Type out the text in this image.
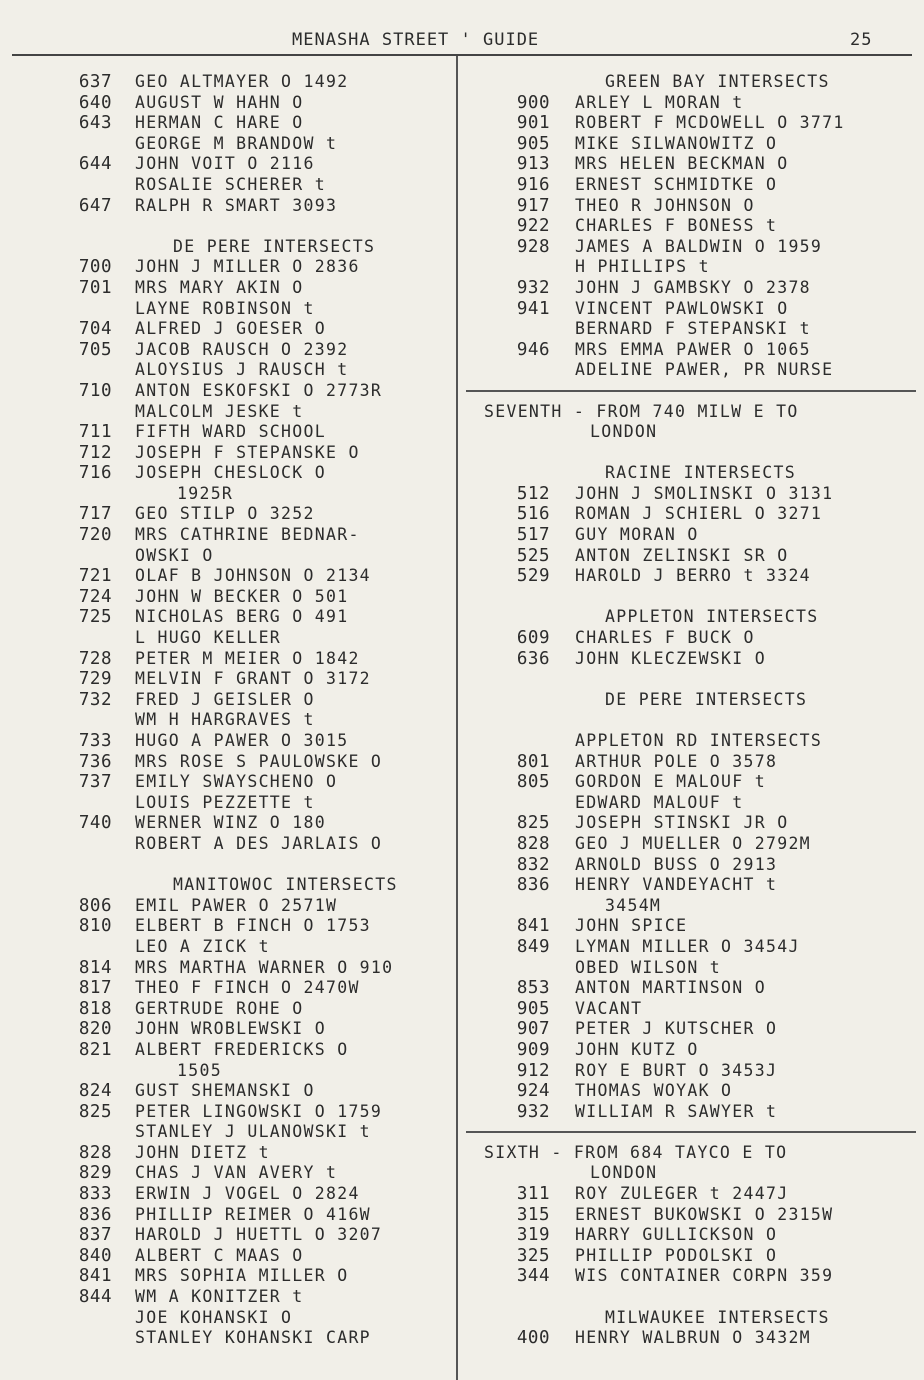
MENASHA STREET ' GUIDE	25
637 GEO ALTMAYER O 1492
640 AUGUST W HAHN O
643 HERMAN C HARE O
GEORGE M BRANDOW t
644 JOHN VOIT O 2116
ROSALIE SCHERER t
647 RALPH R SMART 3093
DE PERE INTERSECTS
700 JOHN J MILLER O 2836
701 MRS MARY AKIN O
LAYNE ROBINSON t
704 ALFRED J GOESER O
705 JACOB RAUSCH O 2392
ALOYSIUS J RAUSCH t
710 ANTON ESKOFSKI O 2773R
MALCOLM JESKE t
711 FIFTH WARD SCHOOL
712 JOSEPH F STEPANSKE O
716 JOSEPH CHESLOCK O
1925R
717 GEO STILP O 3252
720 MRS CATHRINE BEDNAR-
OWSKI O
721 OLAF B JOHNSON O 2134
724 JOHN W BECKER O 501
725 NICHOLAS BERG O 491
L HUGO KELLER
728 PETER M MEIER O 1842
729 MELVIN F GRANT O 3172
732 FRED J GEISLER O
WM H HARGRAVES t
733 HUGO A PAWER O 3015
736 MRS ROSE S PAULOWSKE O
737 EMILY SWAYSCHENO O
LOUIS PEZZETTE t
740 WERNER WINZ O 180
ROBERT A DES JARLAIS O
MANITOWOC INTERSECTS
806 EMIL PAWER O 2571W
810 ELBERT B FINCH O 1753
LEO A ZICK t
814 MRS MARTHA WARNER O 910
817 THEO F FINCH O 2470W
818 GERTRUDE ROHE O
820 JOHN WROBLEWSKI O
821 ALBERT FREDERICKS O
1505
824 GUST SHEMANSKI O
825 PETER LINGOWSKI O 1759
STANLEY J ULANOWSKI t
828 JOHN DIETZ t
829 CHAS J VAN AVERY t
833 ERWIN J VOGEL O 2824
836 PHILLIP REIMER O 416W
837 HAROLD J HUETTL O 3207
840 ALBERT C MAAS O
841 MRS SOPHIA MILLER O
844 WM A KONITZER t
JOE KOHANSKI O
STANLEY KOHANSKI CARP
GREEN BAY INTERSECTS
900 ARLEY L MORAN t
901 ROBERT F MCDOWELL O 3771
905 MIKE SILWANOWITZ O
913 MRS HELEN BECKMAN O
916 ERNEST SCHMIDTKE O
917 THEO R JOHNSON O
922 CHARLES F BONESS t
928 JAMES A BALDWIN O 1959
H PHILLIPS t
932 JOHN J GAMBSKY O 2378
941 VINCENT PAWLOWSKI O
BERNARD F STEPANSKI t
946 MRS EMMA PAWER O 1065
ADELINE PAWER, PR NURSE
SEVENTH - FROM 740 MILW E TO
LONDON
RACINE INTERSECTS
512 JOHN J SMOLINSKI O 3131
516 ROMAN J SCHIERL O 3271
517 GUY MORAN O
525 ANTON ZELINSKI SR O
529 HAROLD J BERRO t 3324
APPLETON INTERSECTS
609 CHARLES F BUCK O
636 JOHN KLECZEWSKI O
DE PERE INTERSECTS
APPLETON RD INTERSECTS
801 ARTHUR POLE O 3578
805 GORDON E MALOUF t
EDWARD MALOUF t
825 JOSEPH STINSKI JR O
828 GEO J MUELLER O 2792M
832 ARNOLD BUSS O 2913
836 HENRY VANDEYACHT t
3454M
841 JOHN SPICE
849 LYMAN MILLER O 3454J
OBED WILSON t
853 ANTON MARTINSON O
905 VACANT
907 PETER J KUTSCHER O
909 JOHN KUTZ O
912 ROY E BURT O 3453J
924 THOMAS WOYAK O
932 WILLIAM R SAWYER t
SIXTH - FROM 684 TAYCO E TO
LONDON
311 ROY ZULEGER t 2447J
315 ERNEST BUKOWSKI O 2315W
319 HARRY GULLICKSON O
325 PHILLIP PODOLSKI O
344 WIS CONTAINER CORPN 359
MILWAUKEE INTERSECTS
400 HENRY WALBRUN O 3432M
